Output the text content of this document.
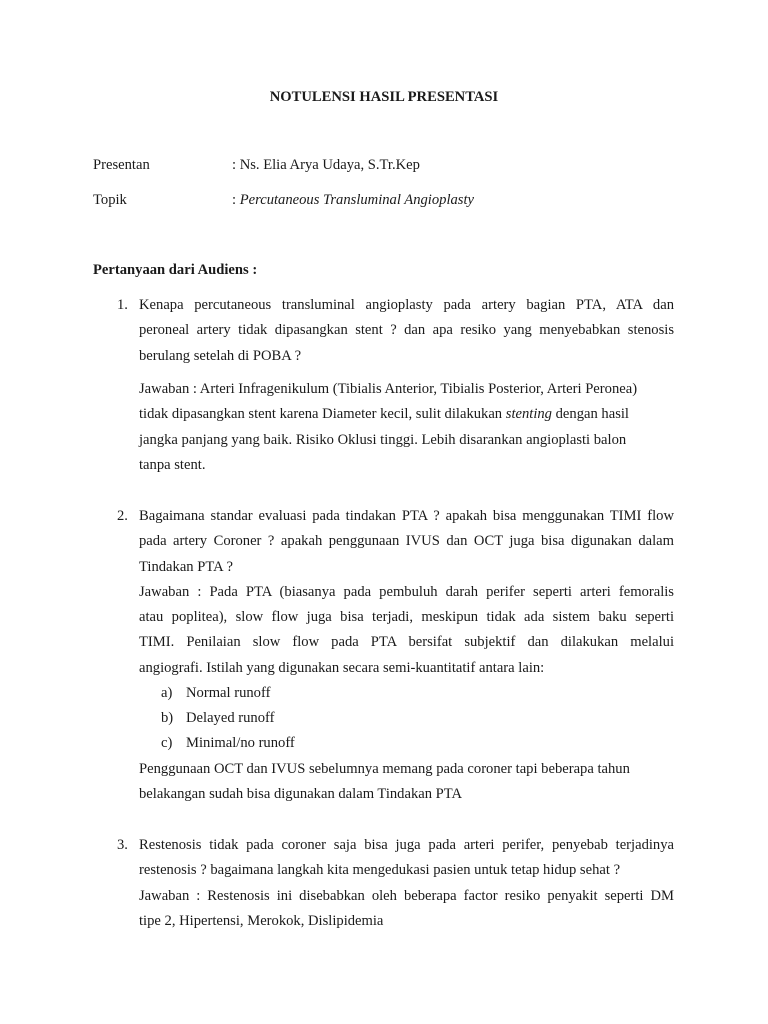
NOTULENSI HASIL PRESENTASI
Presentan	: Ns. Elia Arya Udaya, S.Tr.Kep
Topik	: Percutaneous Transluminal Angioplasty
Pertanyaan dari Audiens :
1. Kenapa percutaneous transluminal angioplasty pada artery bagian PTA, ATA dan
peroneal artery tidak dipasangkan stent ? dan apa resiko yang menyebabkan stenosis
berulang setelah di POBA ?
Jawaban : Arteri Infragenikulum (Tibialis Anterior, Tibialis Posterior, Arteri Peronea)
tidak dipasangkan stent karena Diameter kecil, sulit dilakukan stenting dengan hasil
jangka panjang yang baik. Risiko Oklusi tinggi. Lebih disarankan angioplasti balon
tanpa stent.
2. Bagaimana standar evaluasi pada tindakan PTA ? apakah bisa menggunakan TIMI flow
pada artery Coroner ? apakah penggunaan IVUS dan OCT juga bisa digunakan dalam
Tindakan PTA ?
Jawaban : Pada PTA (biasanya pada pembuluh darah perifer seperti arteri femoralis
atau poplitea), slow flow juga bisa terjadi, meskipun tidak ada sistem baku seperti
TIMI. Penilaian slow flow pada PTA bersifat subjektif dan dilakukan melalui
angiografi. Istilah yang digunakan secara semi-kuantitatif antara lain:
a) Normal runoff
b) Delayed runoff
c) Minimal/no runoff
Penggunaan OCT dan IVUS sebelumnya memang pada coroner tapi beberapa tahun
belakangan sudah bisa digunakan dalam Tindakan PTA
3. Restenosis tidak pada coroner saja bisa juga pada arteri perifer, penyebab terjadinya
restenosis ? bagaimana langkah kita mengedukasi pasien untuk tetap hidup sehat ?
Jawaban : Restenosis ini disebabkan oleh beberapa factor resiko penyakit seperti DM
tipe 2, Hipertensi, Merokok, Dislipidemia
